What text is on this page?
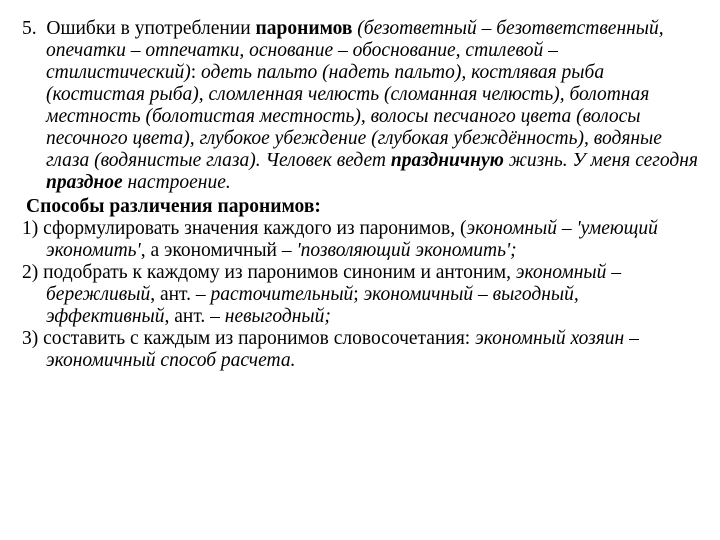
5. Ошибки в употреблении паронимов (безответный – безответственный, опечатки – отпечатки, основание – обоснование, стилевой – стилистический): одеть пальто (надеть пальто), костлявая рыба (костистая рыба), сломленная челюсть (сломанная челюсть), болотная местность (болотистая местность), волосы песчаного цвета (волосы песочного цвета), глубокое убеждение (глубокая убеждённость), водяные глаза (водянистые глаза). Человек ведет праздничную жизнь. У меня сегодня праздное настроение.

Способы различения паронимов:

1) сформулировать значения каждого из паронимов, (экономный – 'умеющий экономить', а экономичный – 'позволяющий экономить';

2) подобрать к каждому из паронимов синоним и антоним, экономный – бережливый, ант. – расточительный; экономичный – выгодный, эффективный, ант. – невыгодный;

3) составить с каждым из паронимов словосочетания: экономный хозяин – экономичный способ расчета.
